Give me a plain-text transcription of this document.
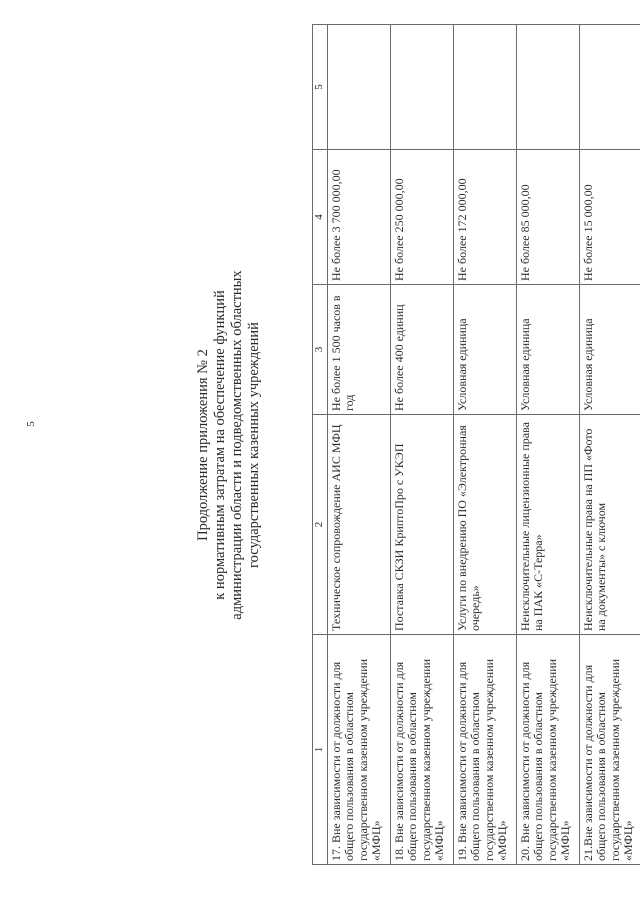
5	Продолжение приложения № 2 к нормативным затратам на обеспечение функций администрации области и подведомственных областных государственных казенных учреждений
1	2	3	4	5
17. Вне зависимости от должности для общего пользования в областном государственном казенном учреждении «МФЦ»	Техническое сопровождение АИС МФЦ	Не более 1 500 часов в год	Не более 3 700 000,00	
18. Вне зависимости от должности для общего пользования в областном государственном казенном учреждении «МФЦ»	Поставка СКЗИ КриптоПро с УКЭП	Не более 400 единиц	Не более 250 000,00	
19. Вне зависимости от должности для общего пользования в областном государственном казенном учреждении «МФЦ»	Услуги по внедрению ПО «Электронная очередь»	Условная единица	Не более 172 000,00	
20. Вне зависимости от должности для общего пользования в областном государственном казенном учреждении «МФЦ»	Неисключительные лицензионные права на ПАК «С-Терра»	Условная единица	Не более 85 000,00	
21.Вне зависимости от должности для общего пользования в областном государственном казенном учреждении «МФЦ»	Неисключительные права на ПП «Фото на документы» с ключом	Условная единица	Не более 15 000,00	
